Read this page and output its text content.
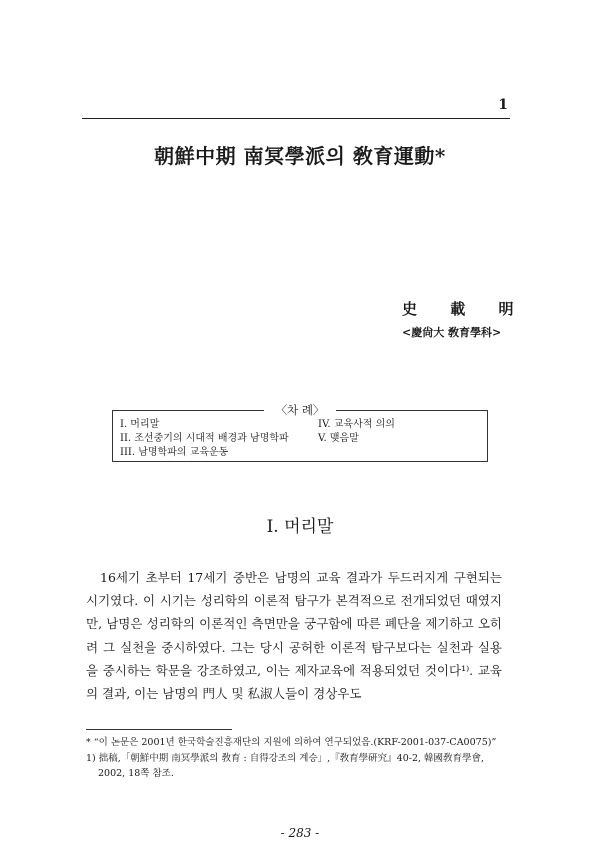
1
朝鮮中期 南冥學派의 敎育運動*
史 載 明
<慶尙大 敎育學科>
〈차 례〉
I. 머리말
II. 조선중기의 시대적 배경과 남명학파
III. 남명학파의 교육운동
IV. 교육사적 의의
V. 맺음말
I. 머리말
16세기 초부터 17세기 중반은 남명의 교육 결과가 두드러지게 구현되는 시기였다. 이 시기는 성리학의 이론적 탐구가 본격적으로 전개되었던 때였지만, 남명은 성리학의 이론적인 측면만을 궁구함에 따른 폐단을 제기하고 오히려 그 실천을 중시하였다. 그는 당시 공허한 이론적 탐구보다는 실천과 실용을 중시하는 학문을 강조하였고, 이는 제자교육에 적용되었던 것이다¹⁾. 교육의 결과, 이는 남명의 門人 및 私淑人들이 경상우도
* “이 논문은 2001년 한국학술진흥재단의 지원에 의하여 연구되었음.(KRF-2001-037-CA0075)”
1) 拙稿,「朝鮮中期 南冥學派의 敎育 : 自得강조의 계승」,『敎育學硏究』40-2, 韓國敎育學會,
2002, 18쪽 참조.
- 283 -
